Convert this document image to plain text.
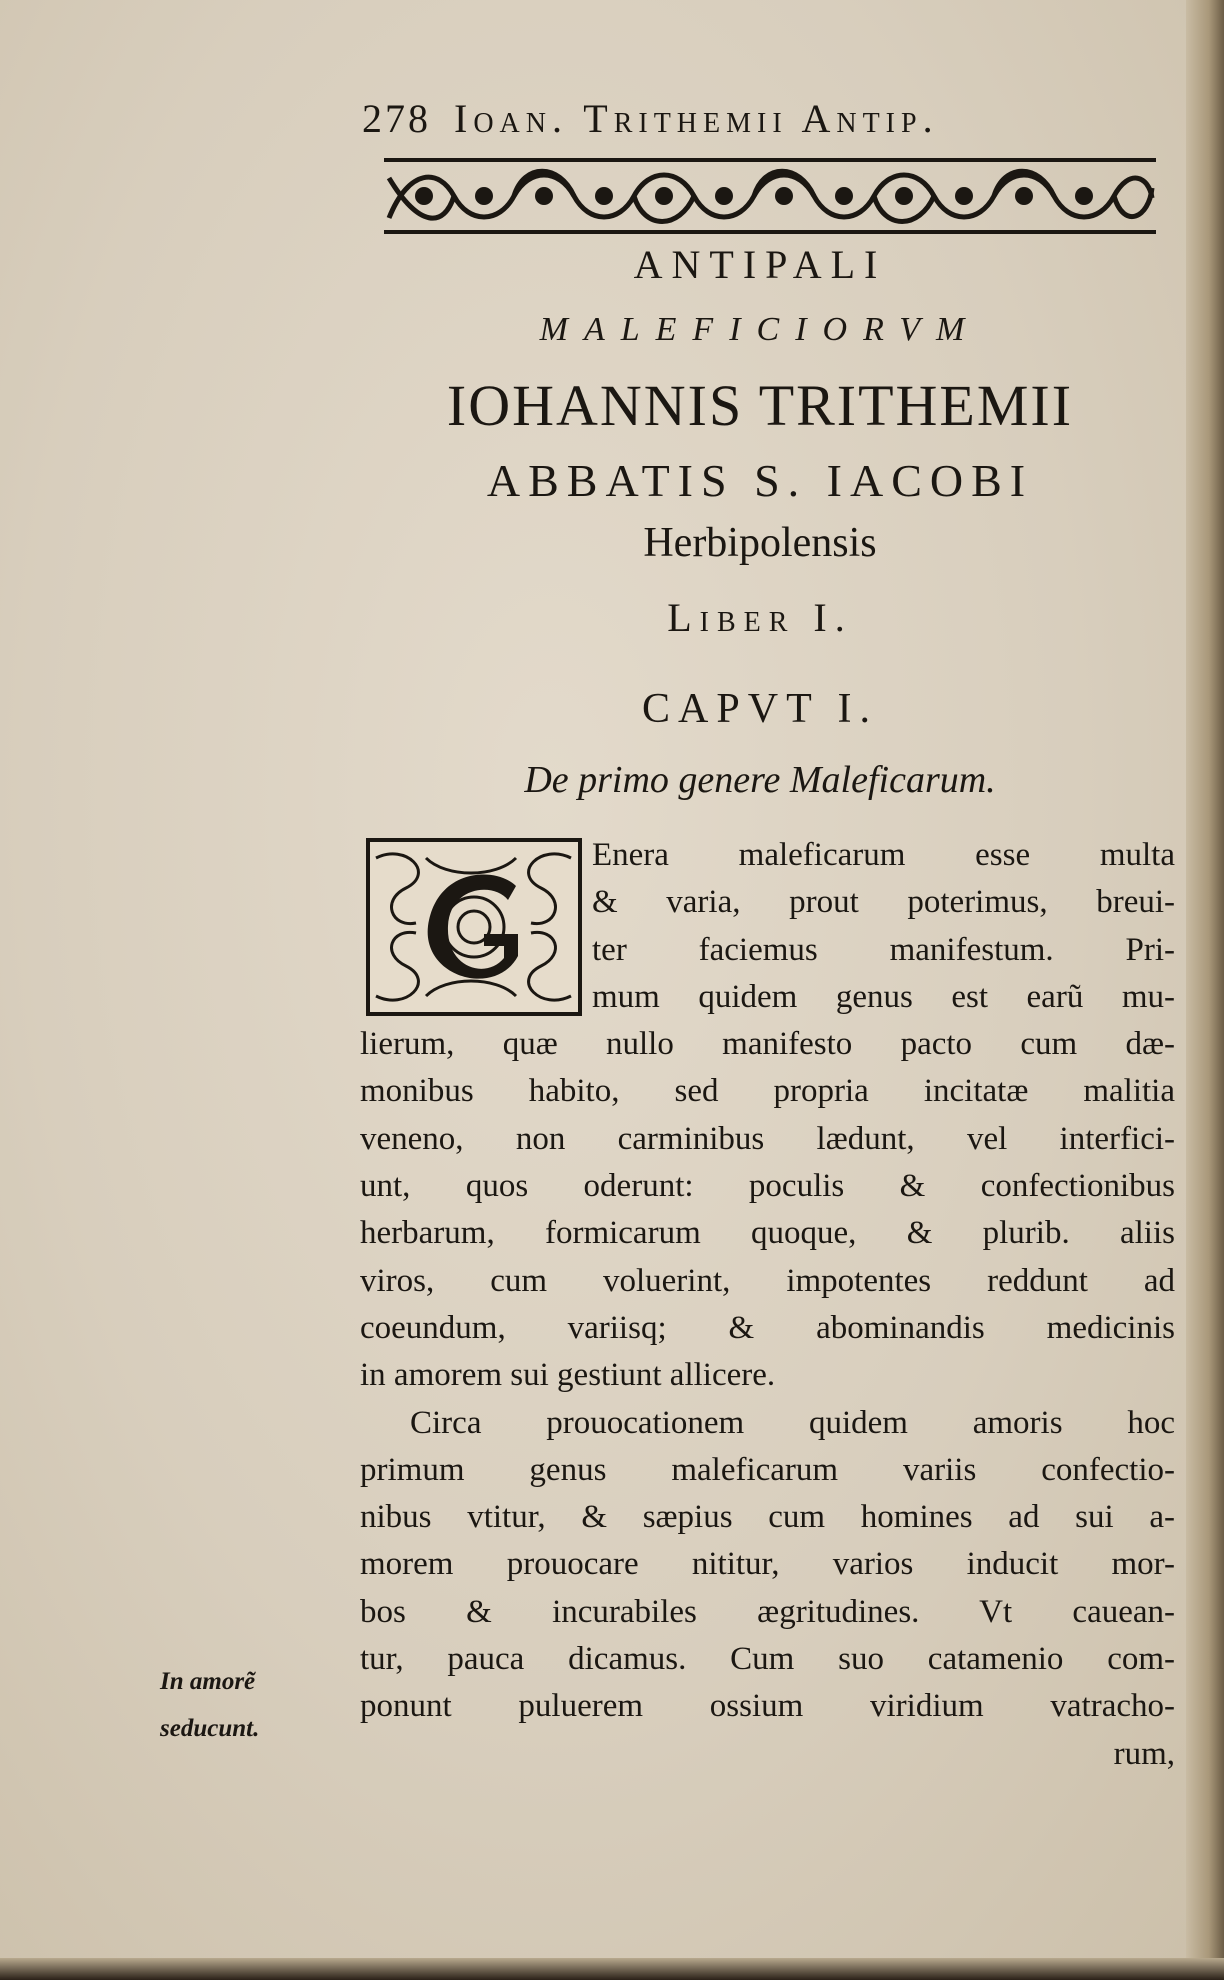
278 Ioan. Trithemii Antip.
ANTIPALI
MALEFICIORVM
IOHANNIS TRITHEMII
ABBATIS S. IACOBI
Herbipolensis
Liber I.
CAPVT I.
De primo genere Maleficarum.
Enera maleficarum esse multa
& varia, prout poterimus, breui-
ter faciemus manifestum. Pri-
mum quidem genus est earũ mu-
lierum, quæ nullo manifesto pacto cum dæ-
monibus habito, sed propria incitatæ malitia
veneno, non carminibus lædunt, vel interfici-
unt, quos oderunt: poculis & confectionibus
herbarum, formicarum quoque, & plurib. aliis
viros, cum voluerint, impotentes reddunt ad
coeundum, variisq; & abominandis medicinis
in amorem sui gestiunt allicere.
Circa prouocationem quidem amoris hoc
primum genus maleficarum variis confectio-
nibus vtitur, & sæpius cum homines ad sui a-
morem prouocare nititur, varios inducit mor-
bos & incurabiles ægritudines. Vt cauean-
tur, pauca dicamus. Cum suo catamenio com-
ponunt puluerem ossium viridium vatracho-
rum,
In amorẽ
seducunt.
